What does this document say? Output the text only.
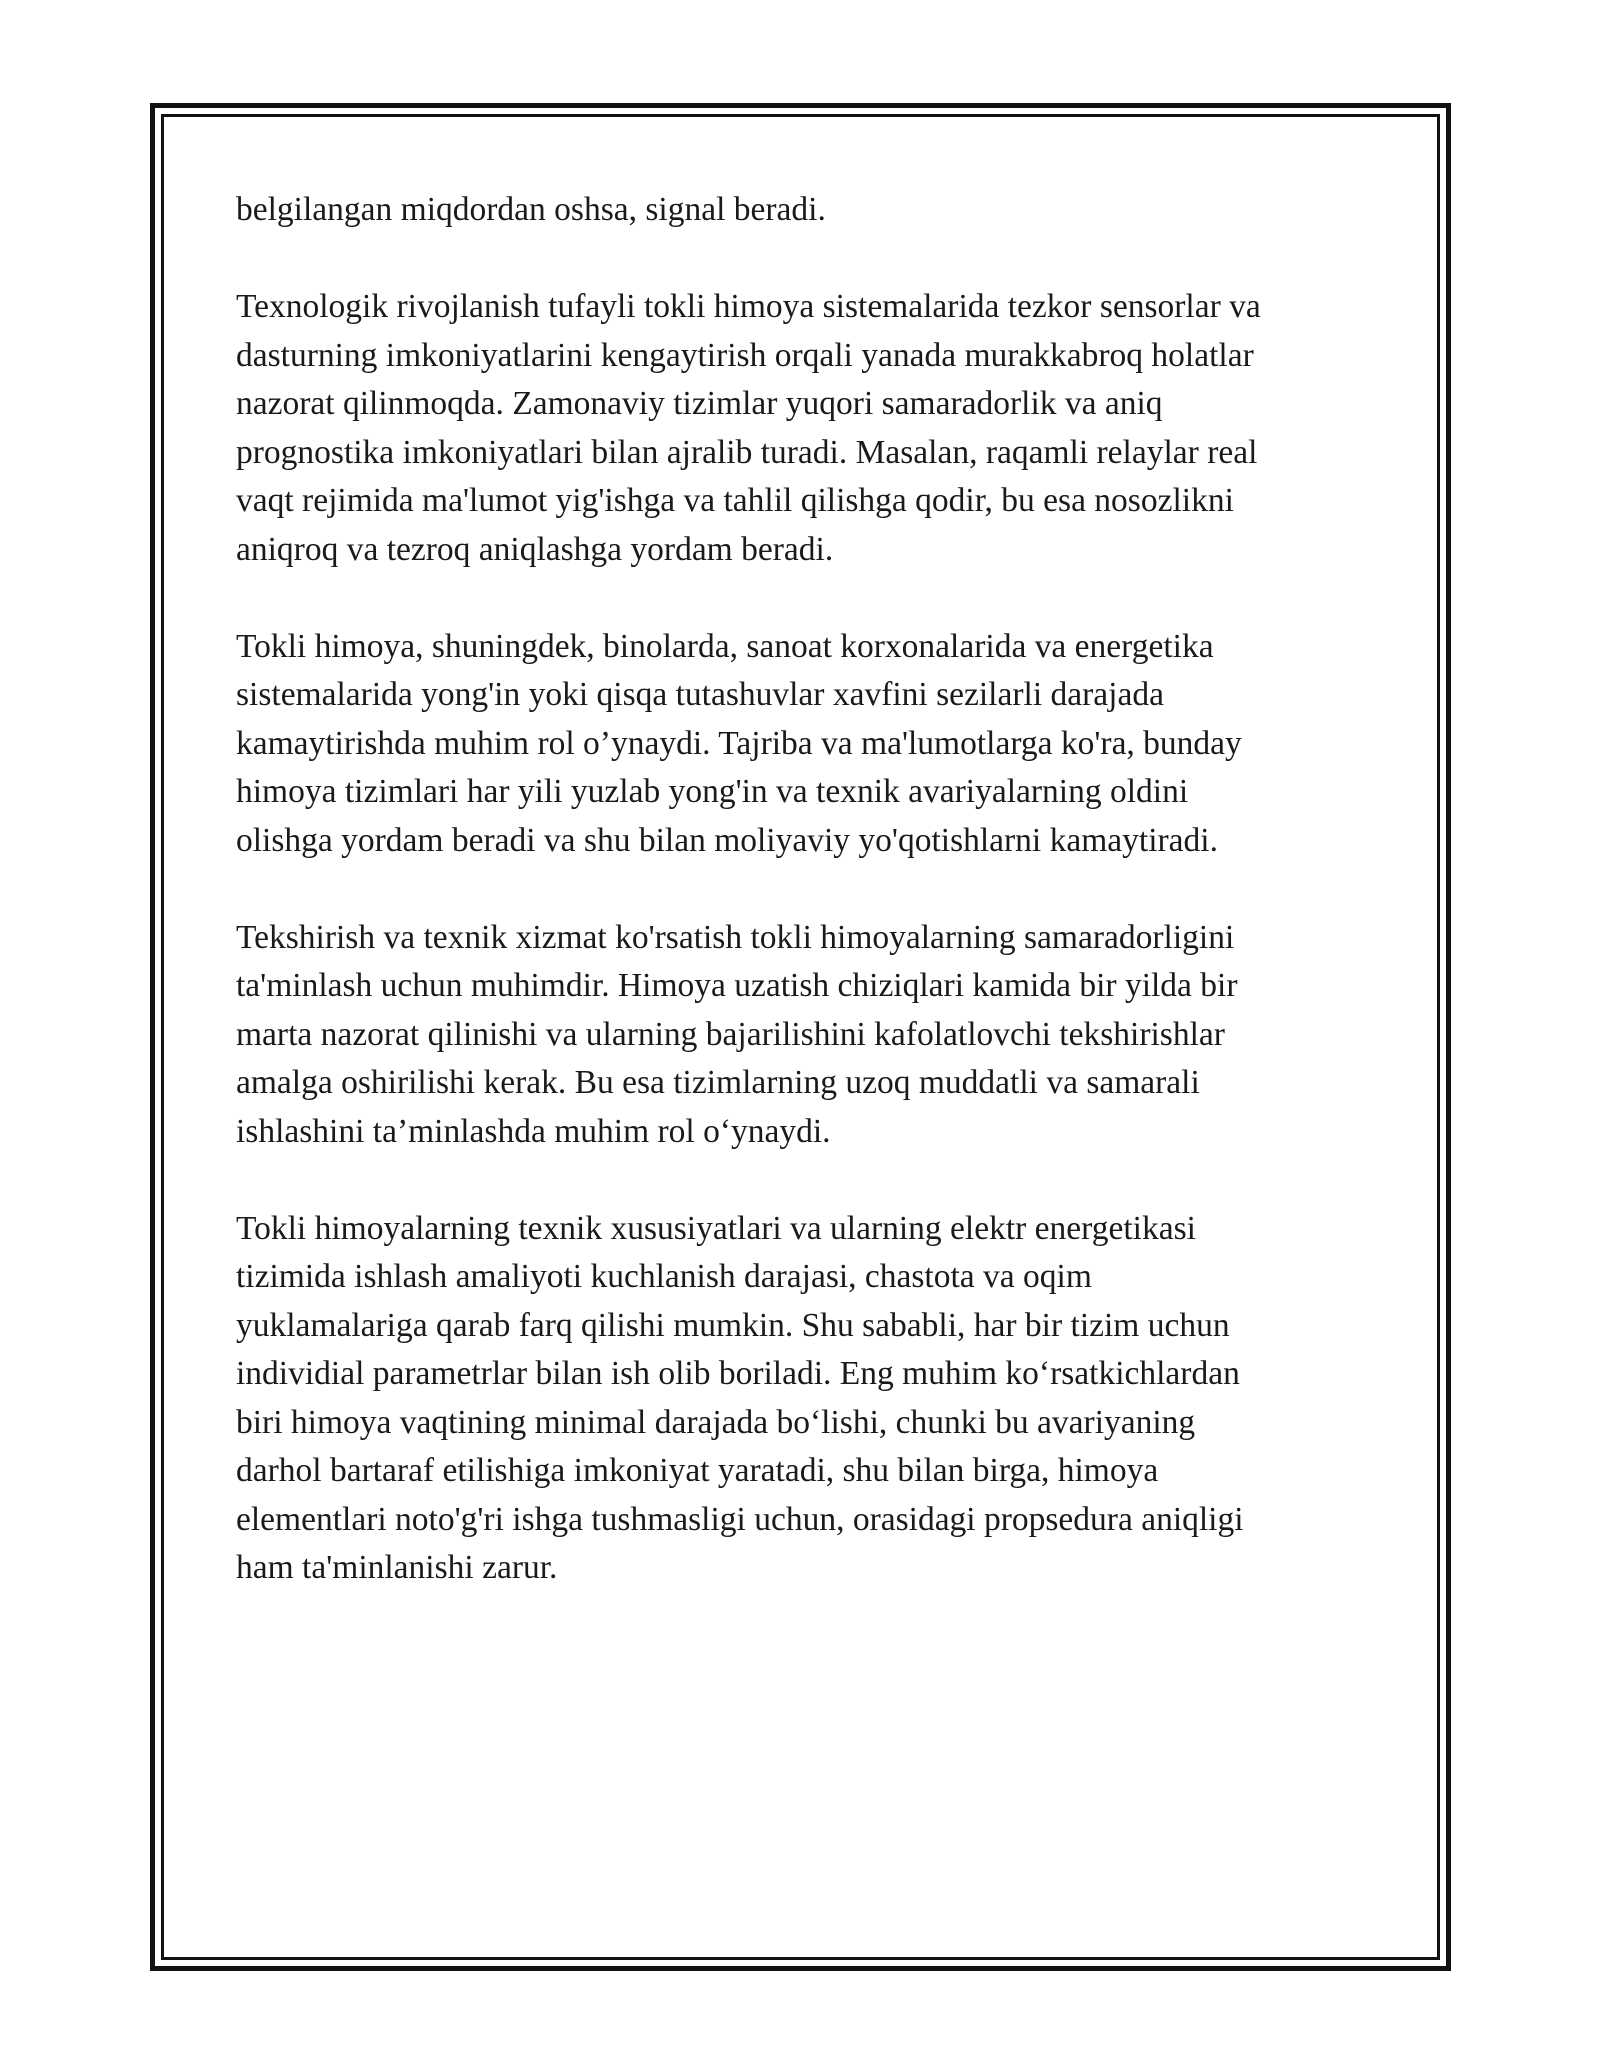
belgilangan miqdordan oshsa, signal beradi.

Texnologik rivojlanish tufayli tokli himoya sistemalarida tezkor sensorlar va
dasturning imkoniyatlarini kengaytirish orqali yanada murakkabroq holatlar
nazorat qilinmoqda. Zamonaviy tizimlar yuqori samaradorlik va aniq
prognostika imkoniyatlari bilan ajralib turadi. Masalan, raqamli relaylar real
vaqt rejimida ma'lumot yig'ishga va tahlil qilishga qodir, bu esa nosozlikni
aniqroq va tezroq aniqlashga yordam beradi.

Tokli himoya, shuningdek, binolarda, sanoat korxonalarida va energetika
sistemalarida yong'in yoki qisqa tutashuvlar xavfini sezilarli darajada
kamaytirishda muhim rol o’ynaydi. Tajriba va ma'lumotlarga ko'ra, bunday
himoya tizimlari har yili yuzlab yong'in va texnik avariyalarning oldini
olishga yordam beradi va shu bilan moliyaviy yo'qotishlarni kamaytiradi.

Tekshirish va texnik xizmat ko'rsatish tokli himoyalarning samaradorligini
ta'minlash uchun muhimdir. Himoya uzatish chiziqlari kamida bir yilda bir
marta nazorat qilinishi va ularning bajarilishini kafolatlovchi tekshirishlar
amalga oshirilishi kerak. Bu esa tizimlarning uzoq muddatli va samarali
ishlashini ta’minlashda muhim rol o‘ynaydi.

Tokli himoyalarning texnik xususiyatlari va ularning elektr energetikasi
tizimida ishlash amaliyoti kuchlanish darajasi, chastota va oqim
yuklamalariga qarab farq qilishi mumkin. Shu sababli, har bir tizim uchun
individial parametrlar bilan ish olib boriladi. Eng muhim ko‘rsatkichlardan
biri himoya vaqtining minimal darajada bo‘lishi, chunki bu avariyaning
darhol bartaraf etilishiga imkoniyat yaratadi, shu bilan birga, himoya
elementlari noto'g'ri ishga tushmasligi uchun, orasidagi propsedura aniqligi
ham ta'minlanishi zarur.
